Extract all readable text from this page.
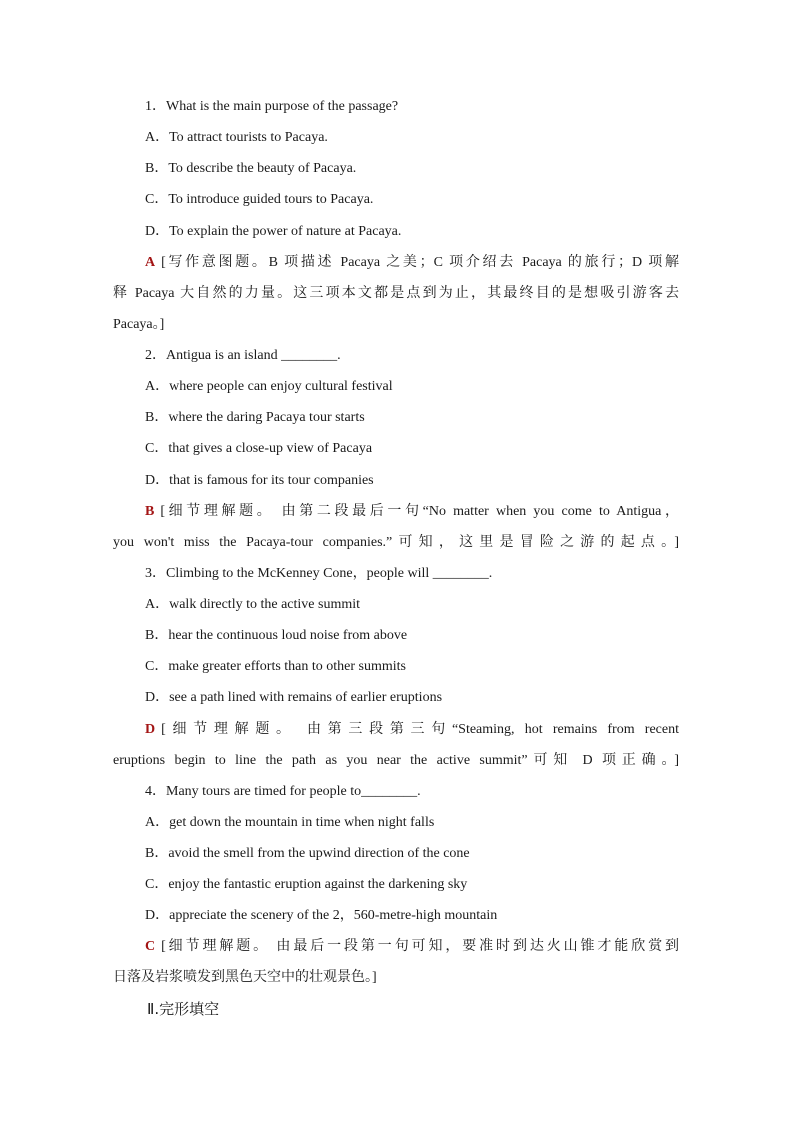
1．What is the main purpose of the passage?
A．To attract tourists to Pacaya.
B．To describe the beauty of Pacaya.
C．To introduce guided tours to Pacaya.
D．To explain the power of nature at Pacaya.
A [写作意图题。B 项描述 Pacaya 之美；C 项介绍去 Pacaya 的旅行；D 项解
释 Pacaya 大自然的力量。这三项本文都是点到为止，其最终目的是想吸引游客去
Pacaya。]
2．Antigua is an island ________.
A．where people can enjoy cultural festival
B．where the daring Pacaya tour starts
C．that gives a close-up view of Pacaya
D．that is famous for its tour companies
B [细节理解题。 由第二段最后一句“No matter when you come to Antigua，
you won't miss the Pacaya-tour companies.”可知，这里是冒险之游的起点。]
3．Climbing to the McKenney Cone，people will ________.
A．walk directly to the active summit
B．hear the continuous loud noise from above
C．make greater efforts than to other summits
D．see a path lined with remains of earlier eruptions
D [细节理解题。 由第三段第三句“Steaming, hot remains from recent
eruptions begin to line the path as you near the active summit”可知 D 项正确。]
4．Many tours are timed for people to________.
A．get down the mountain in time when night falls
B．avoid the smell from the upwind direction of the cone
C．enjoy the fantastic eruption against the darkening sky
D．appreciate the scenery of the 2，560-metre-high mountain
C [细节理解题。 由最后一段第一句可知，要准时到达火山锥才能欣赏到
日落及岩浆喷发到黑色天空中的壮观景色。]
Ⅱ.完形填空
